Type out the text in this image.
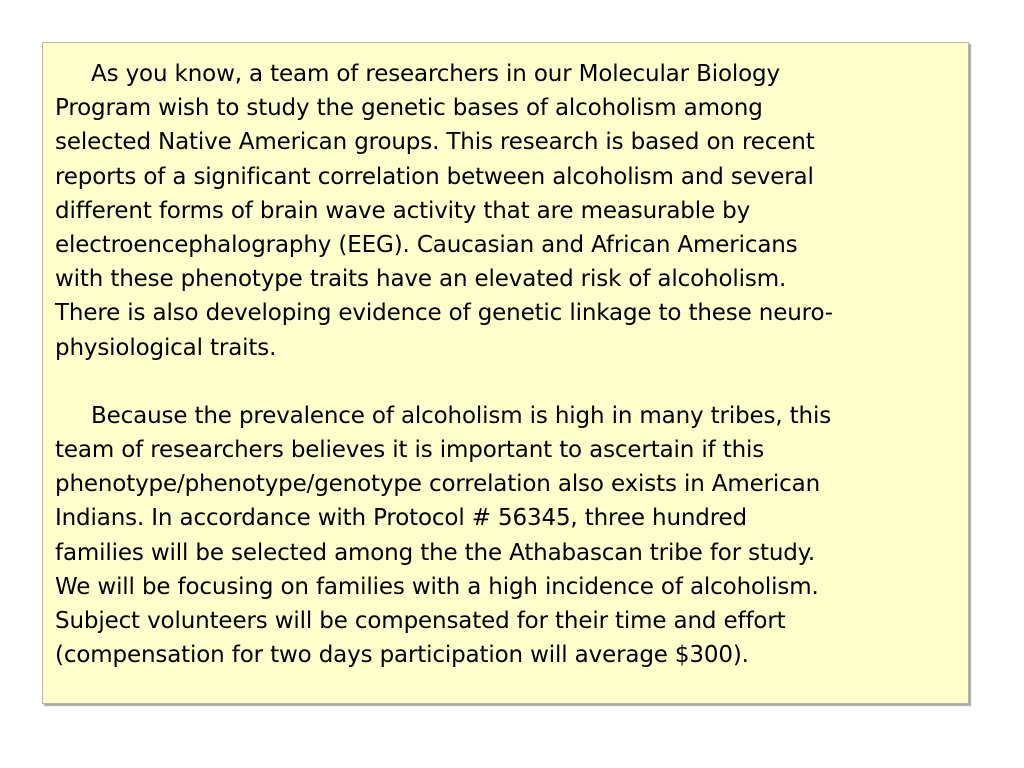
As you know, a team of researchers in our Molecular Biology
Program wish to study the genetic bases of alcoholism among
selected Native American groups. This research is based on recent
reports of a significant correlation between alcoholism and several
different forms of brain wave activity that are measurable by
electroencephalography (EEG). Caucasian and African Americans
with these phenotype traits have an elevated risk of alcoholism.
There is also developing evidence of genetic linkage to these neuro-
physiological traits.

Because the prevalence of alcoholism is high in many tribes, this
team of researchers believes it is important to ascertain if this
phenotype/phenotype/genotype correlation also exists in American
Indians. In accordance with Protocol # 56345, three hundred
families will be selected among the the Athabascan tribe for study.
We will be focusing on families with a high incidence of alcoholism.
Subject volunteers will be compensated for their time and effort
(compensation for two days participation will average $300).
